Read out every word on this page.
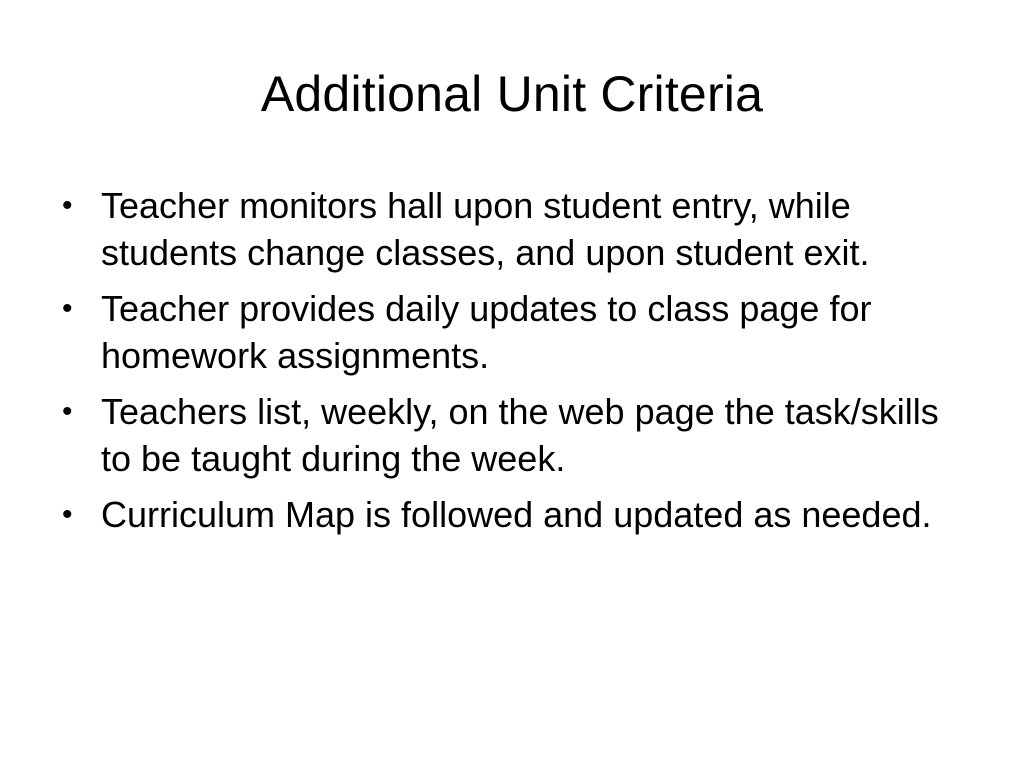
Additional Unit Criteria
• Teacher monitors hall upon student entry, while students change classes, and upon student exit.
• Teacher provides daily updates to class page for homework assignments.
• Teachers list, weekly, on the web page the task/skills to be taught during the week.
• Curriculum Map is followed and updated as needed.
